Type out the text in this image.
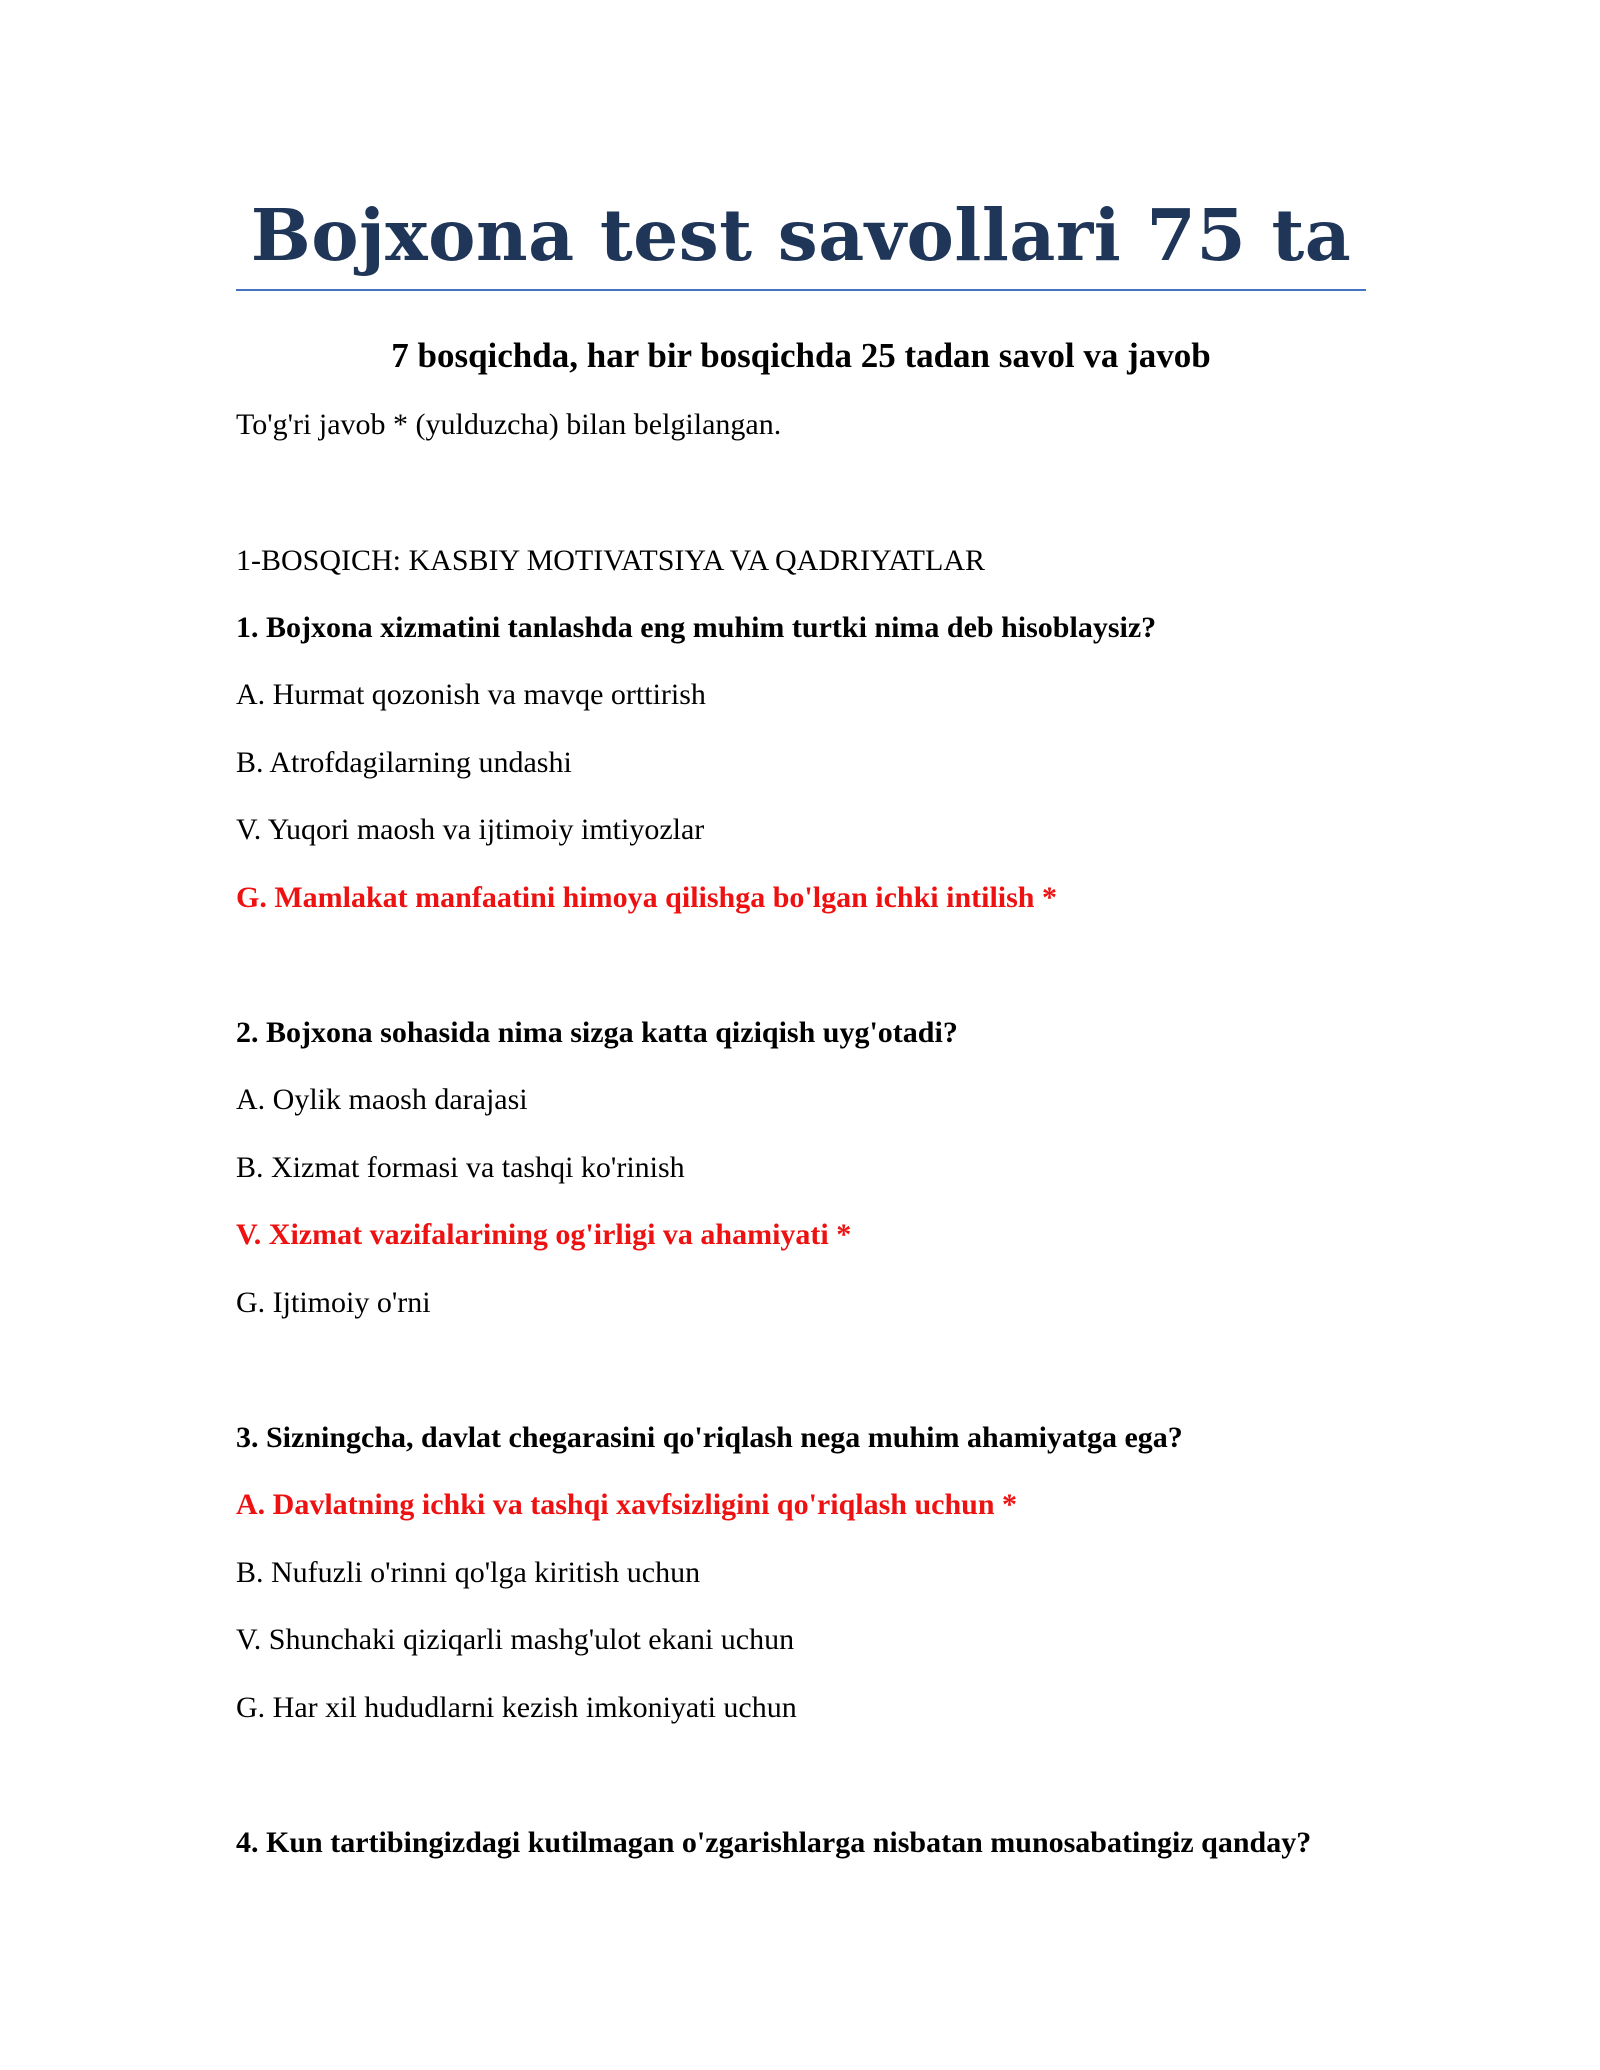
Bojxona test savollari 75 ta
7 bosqichda, har bir bosqichda 25 tadan savol va javob

To'g'ri javob * (yulduzcha) bilan belgilangan.

1-BOSQICH: KASBIY MOTIVATSIYA VA QADRIYATLAR

1. Bojxona xizmatini tanlashda eng muhim turtki nima deb hisoblaysiz?

A. Hurmat qozonish va mavqe orttirish

B. Atrofdagilarning undashi

V. Yuqori maosh va ijtimoiy imtiyozlar

G. Mamlakat manfaatini himoya qilishga bo'lgan ichki intilish *

2. Bojxona sohasida nima sizga katta qiziqish uyg'otadi?

A. Oylik maosh darajasi

B. Xizmat formasi va tashqi ko'rinish

V. Xizmat vazifalarining og'irligi va ahamiyati *

G. Ijtimoiy o'rni

3. Sizningcha, davlat chegarasini qo'riqlash nega muhim ahamiyatga ega?

A. Davlatning ichki va tashqi xavfsizligini qo'riqlash uchun *

B. Nufuzli o'rinni qo'lga kiritish uchun

V. Shunchaki qiziqarli mashg'ulot ekani uchun

G. Har xil hududlarni kezish imkoniyati uchun

4. Kun tartibingizdagi kutilmagan o'zgarishlarga nisbatan munosabatingiz qanday?
